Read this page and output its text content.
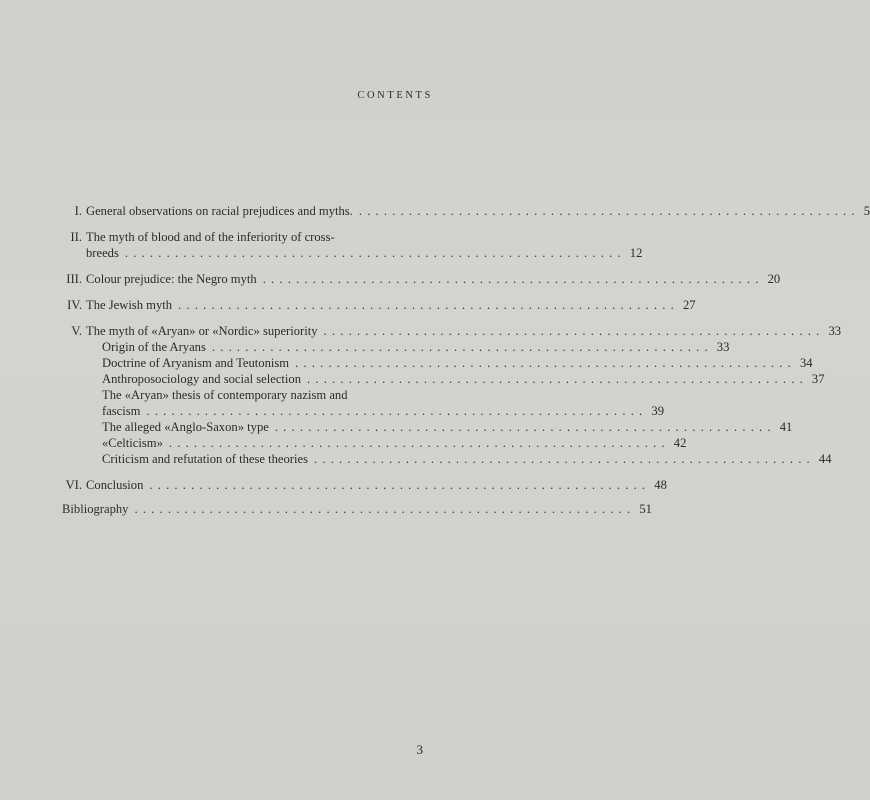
CONTENTS
I. General observations on racial prejudices and myths. ............................................................ 5
II. The myth of blood and of the inferiority of cross-
breeds ............................................................ 12
III. Colour prejudice: the Negro myth ............................................................ 20
IV. The Jewish myth ............................................................ 27
V. The myth of «Aryan» or «Nordic» superiority ............................................................ 33
Origin of the Aryans ............................................................ 33
Doctrine of Aryanism and Teutonism ............................................................ 34
Anthroposociology and social selection ............................................................ 37
The «Aryan» thesis of contemporary nazism and
fascism ............................................................ 39
The alleged «Anglo-Saxon» type ............................................................ 41
«Celticism» ............................................................ 42
Criticism and refutation of these theories ............................................................ 44
VI. Conclusion ............................................................ 48
Bibliography ............................................................ 51
3
